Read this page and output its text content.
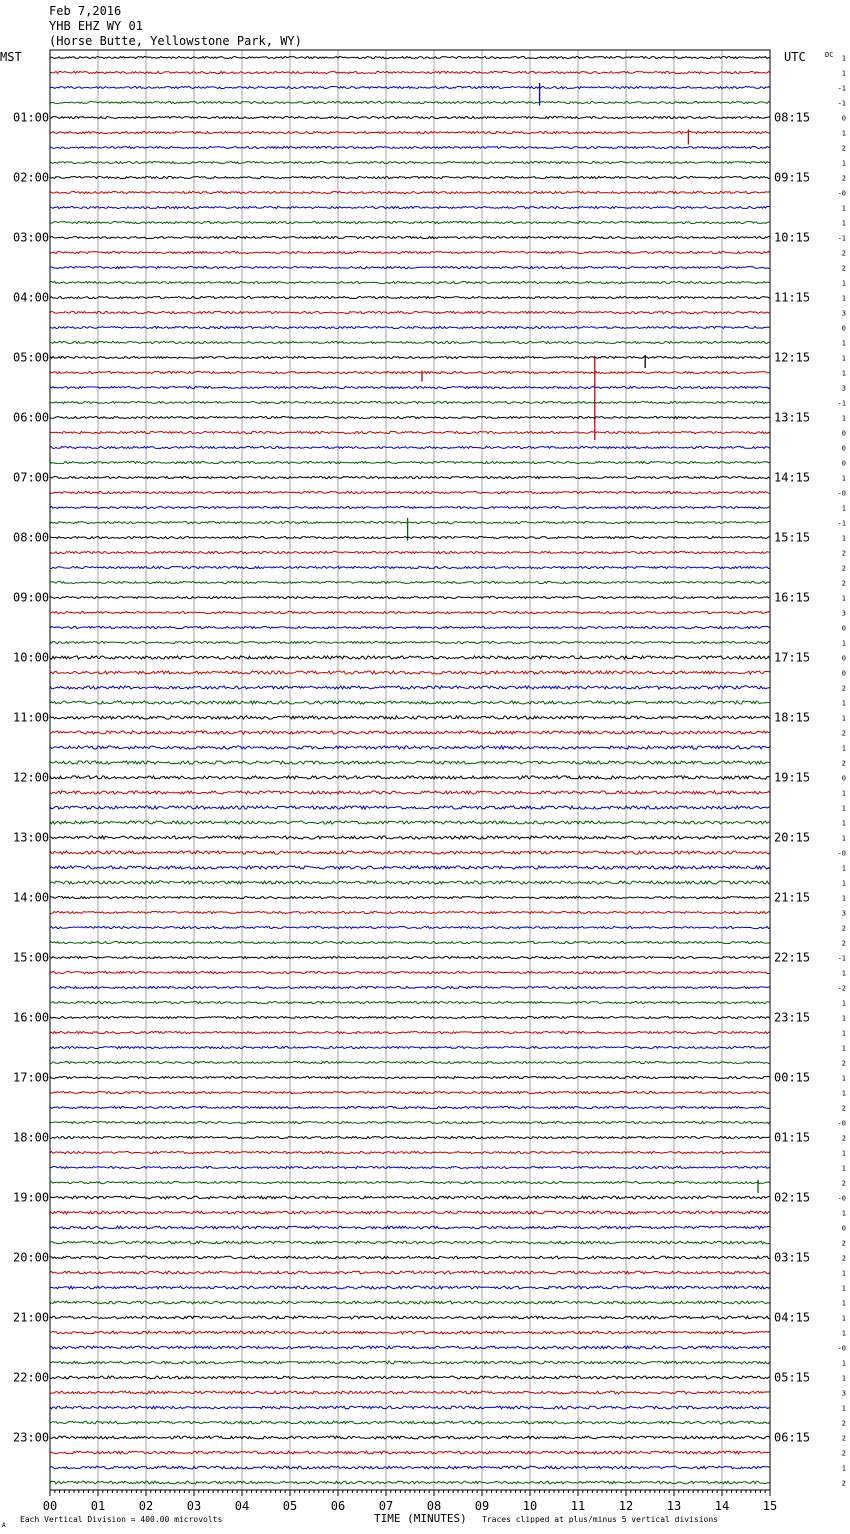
Feb 7,2016
YHB EHZ WY 01
(Horse Butte, Yellowstone Park, WY)
MST	UTC	DC
01:00
02:00
03:00
04:00
05:00
06:00
07:00
08:00
09:00
10:00
11:00
12:00
13:00
14:00
15:00
16:00
17:00
18:00
19:00
20:00
21:00
22:00
23:00
08:15
09:15
10:15
11:15
12:15
13:15
14:15
15:15
16:15
17:15
18:15
19:15
20:15
21:15
22:15
23:15
00:15
01:15
02:15
03:15
04:15
05:15
06:15
1
1
-1
-1
0
1
2
1
2
-0
1
1
-1
2
2
1
1
3
0
1
1
1
3
-1
1
0
0
0
1
-0
1
-1
1
2
2
2
1
3
0
1
0
0
2
1
1
2
1
2
0
1
1
1
1
-0
1
1
1
3
2
2
-1
1
-2
1
1
1
1
2
1
1
2
-0
2
1
1
2
-0
1
0
2
2
1
1
1
1
1
-0
1
1
3
1
2
2
2
1
2
00	01	02	03	04	05	06	07	08	09	10	11	12	13	14	15
A
Each Vertical Division = 400.00 microvolts	TIME (MINUTES) Traces clipped at plus/minus 5 vertical divisions
